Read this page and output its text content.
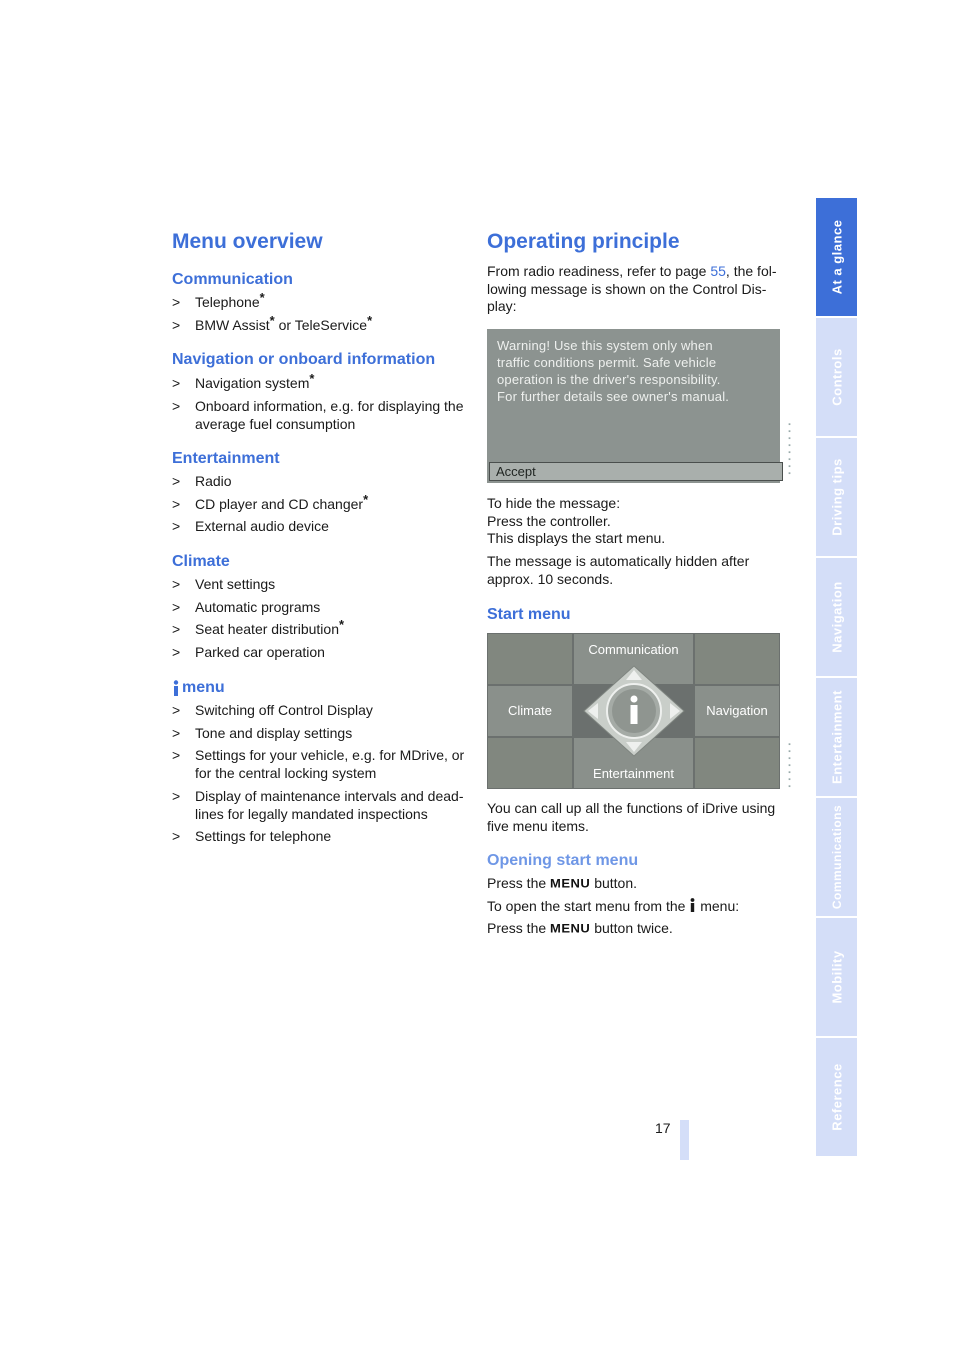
Menu overview
Communication
> Telephone*
> BMW Assist* or TeleService*
Navigation or onboard information
> Navigation system*
> Onboard information, e.g. for displaying the average fuel consumption
Entertainment
> Radio
> CD player and CD changer*
> External audio device
Climate
> Vent settings
> Automatic programs
> Seat heater distribution*
> Parked car operation
menu
> Switching off Control Display
> Tone and display settings
> Settings for your vehicle, e.g. for MDrive, or for the central locking system
> Display of maintenance intervals and dead-lines for legally mandated inspections
> Settings for telephone
Operating principle

From radio readiness, refer to page 55, the fol-lowing message is shown on the Control Dis-play:

Warning! Use this system only when
traffic conditions permit. Safe vehicle
operation is the driver's responsibility.
For further details see owner's manual.
Accept	▪▪▪▪▪▪▪▪

To hide the message:
Press the controller.
This displays the start menu.

The message is automatically hidden after approx. 10 seconds.

Start menu
Communication
Climate	Navigation
Entertainment	▪▪▪▪▪▪▪

You can call up all the functions of iDrive using five menu items.

Opening start menu

Press the MENU button.

To open the start menu from the menu:

Press the MENU button twice.

17
At a glance
Controls
Driving tips
Navigation
Entertainment
Communications
Mobility
Reference
